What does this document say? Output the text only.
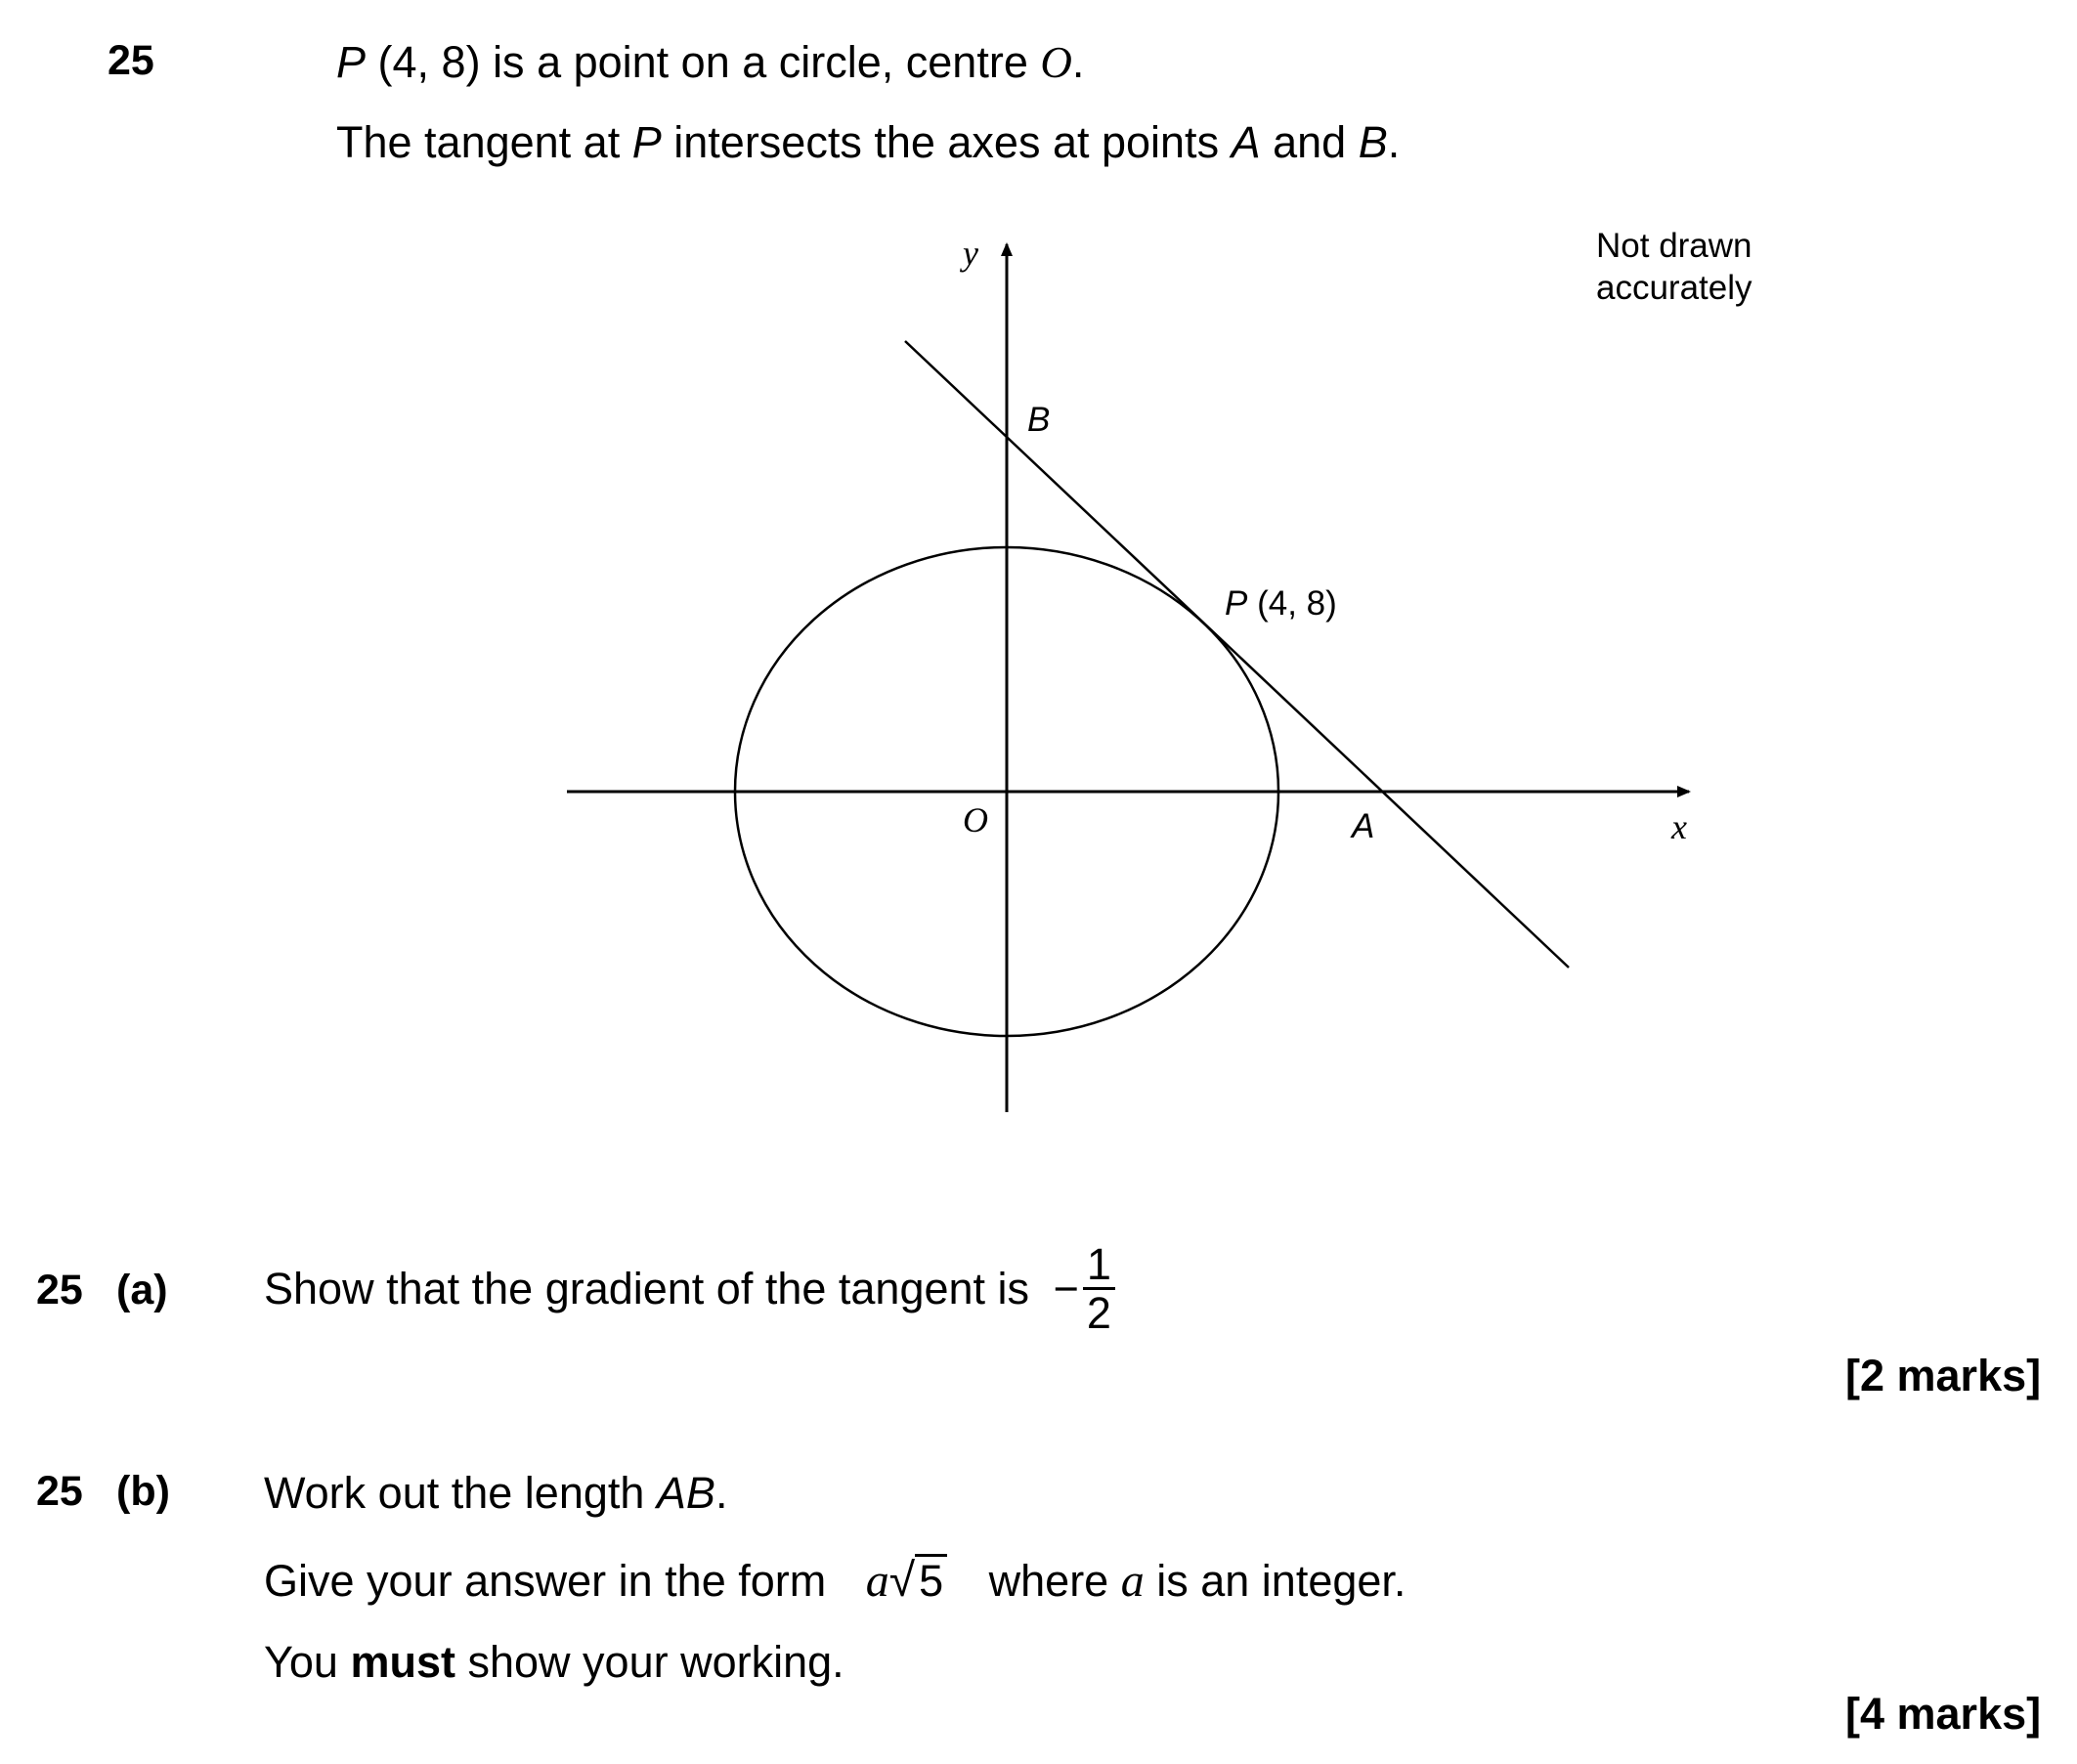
25	P (4, 8) is a point on a circle, centre O.
The tangent at P intersects the axes at points A and B.
y
x
O	A
B
P (4, 8)
Not drawn
accurately
25 (a) Show that the gradient of the tangent is − $\frac{1}{2}$
[2 marks]
25 (b) Work out the length AB.
Give your answer in the form a√5 where a is an integer.
You must show your working.
[4 marks]
